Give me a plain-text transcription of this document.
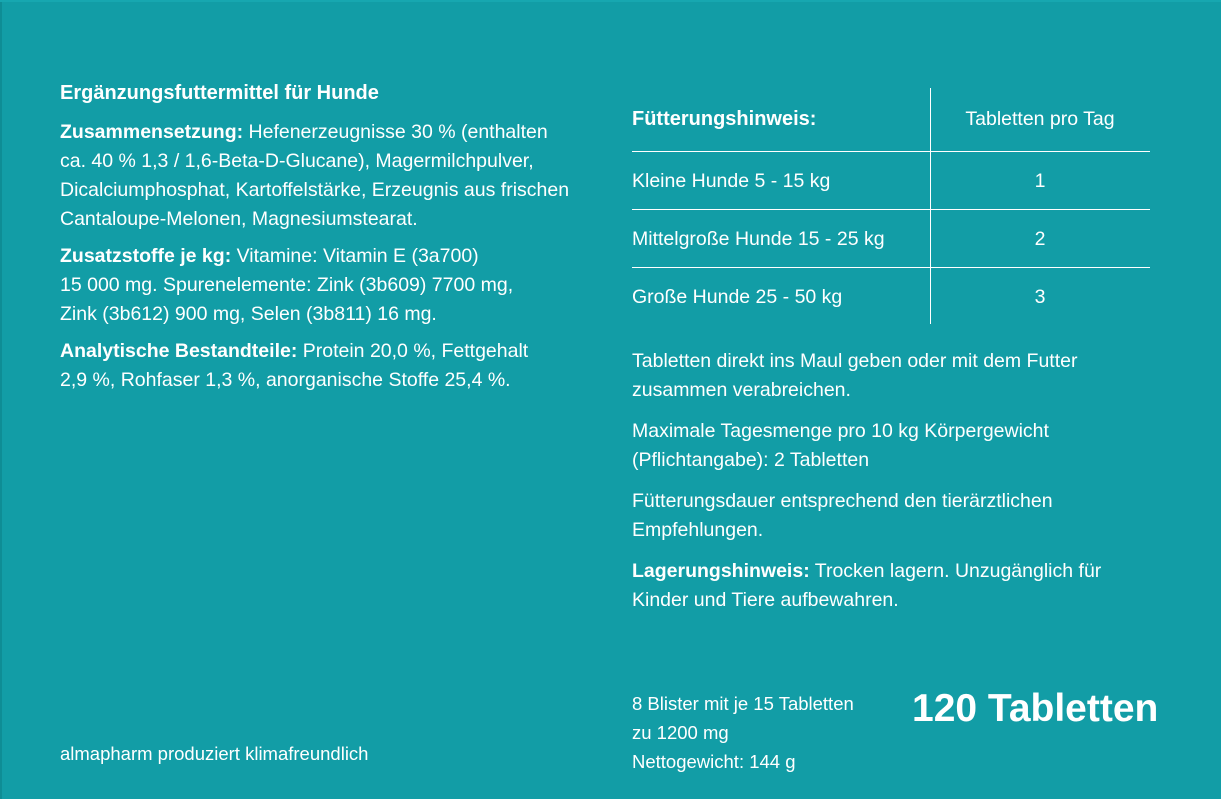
Ergänzungsfuttermittel für Hunde
Zusammensetzung: Hefenerzeugnisse 30 % (enthalten
ca. 40 % 1,3 / 1,6-Beta-D-Glucane), Magermilchpulver,
Dicalciumphosphat, Kartoffelstärke, Erzeugnis aus frischen
Cantaloupe-Melonen, Magnesiumstearat.
Zusatzstoffe je kg: Vitamine: Vitamin E (3a700)
15 000 mg. Spurenelemente: Zink (3b609) 7700 mg,
Zink (3b612) 900 mg, Selen (3b811) 16 mg.
Analytische Bestandteile: Protein 20,0 %, Fettgehalt
2,9 %, Rohfaser 1,3 %, anorganische Stoffe 25,4 %.
Fütterungshinweis:	Tabletten pro Tag
Kleine Hunde 5 - 15 kg	1
Mittelgroße Hunde 15 - 25 kg	2
Große Hunde 25 - 50 kg	3

Tabletten direkt ins Maul geben oder mit dem Futter
zusammen verabreichen.

Maximale Tagesmenge pro 10 kg Körpergewicht
(Pflichtangabe): 2 Tabletten

Fütterungsdauer entsprechend den tierärztlichen
Empfehlungen.

Lagerungshinweis: Trocken lagern. Unzugänglich für
Kinder und Tiere aufbewahren.

8 Blister mit je 15 Tabletten
zu 1200 mg
Nettogewicht: 144 g
120 Tabletten
almapharm produziert klimafreundlich
